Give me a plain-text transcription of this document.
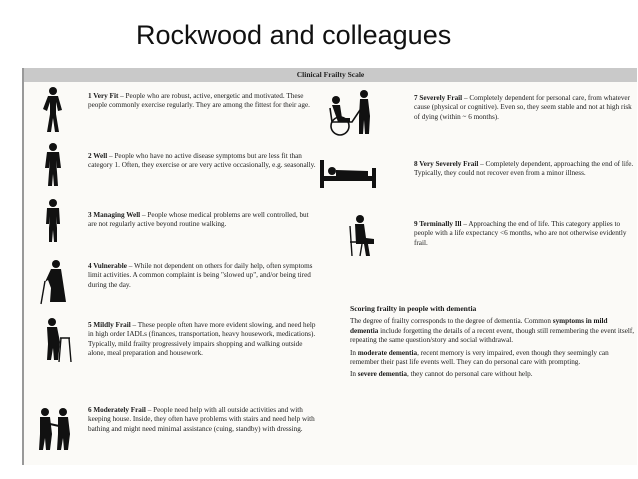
Rockwood and colleagues
Clinical Frailty Scale
1 Very Fit – People who are robust, active, energetic and motivated. These people commonly exercise regularly. They are among the fittest for their age.
2 Well – People who have no active disease symptoms but are less fit than category 1. Often, they exercise or are very active occasionally, e.g. seasonally.
3 Managing Well – People whose medical problems are well controlled, but are not regularly active beyond routine walking.
4 Vulnerable – While not dependent on others for daily help, often symptoms limit activities. A common complaint is being "slowed up", and/or being tired during the day.
5 Mildly Frail – These people often have more evident slowing, and need help in high order IADLs (finances, transportation, heavy housework, medications). Typically, mild frailty progressively impairs shopping and walking outside alone, meal preparation and housework.
6 Moderately Frail – People need help with all outside activities and with keeping house. Inside, they often have problems with stairs and need help with bathing and might need minimal assistance (cuing, standby) with dressing.
7 Severely Frail – Completely dependent for personal care, from whatever cause (physical or cognitive). Even so, they seem stable and not at high risk of dying (within ~ 6 months).
8 Very Severely Frail – Completely dependent, approaching the end of life. Typically, they could not recover even from a minor illness.
9 Terminally Ill – Approaching the end of life. This category applies to people with a life expectancy <6 months, who are not otherwise evidently frail.

Scoring frailty in people with dementia

The degree of frailty corresponds to the degree of dementia. Common symptoms in mild dementia include forgetting the details of a recent event, though still remembering the event itself, repeating the same question/story and social withdrawal.

In moderate dementia, recent memory is very impaired, even though they seemingly can remember their past life events well. They can do personal care with prompting.

In severe dementia, they cannot do personal care without help.
